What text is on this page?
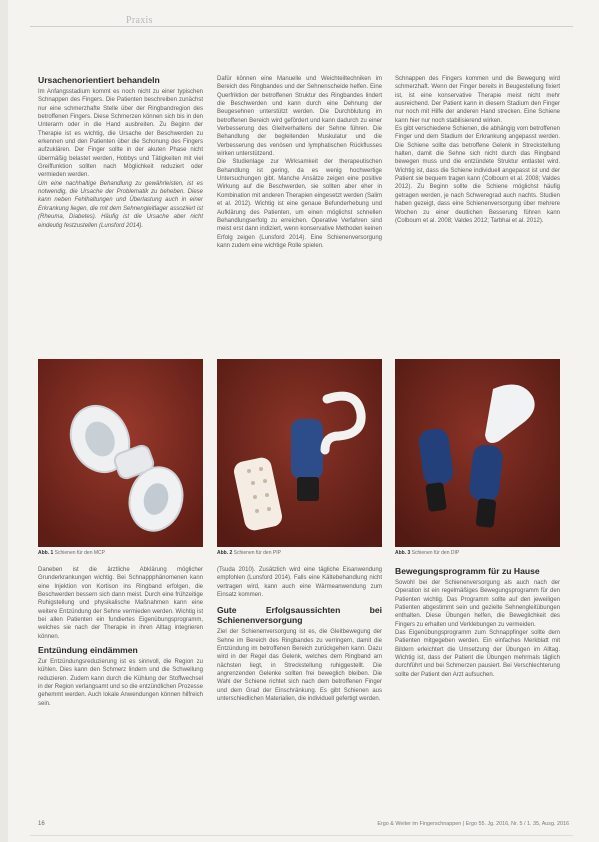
Praxis
Ursachenorientiert behandeln

Im Anfangsstadium kommt es noch nicht zu einer typischen Schnappen des Fingers. Die Patienten beschreiben zunächst nur eine schmerzhafte Stelle über der Ringbandregion des betroffenen Fingers. Diese Schmerzen können sich bis in den Unterarm oder in die Hand ausbreiten. Zu Beginn der Therapie ist es wichtig, die Ursache der Beschwerden zu erkennen und den Patienten über die Schonung des Fingers aufzuklären. Der Finger sollte in der akuten Phase nicht übermäßig belastet werden, Hobbys und Tätigkeiten mit viel Greiffunktion sollten nach Möglichkeit reduziert oder vermieden werden.

Um eine nachhaltige Behandlung zu gewährleisten, ist es notwendig, die Ursache der Problematik zu beheben. Diese kann neben Fehlhaltungen und Überlastung auch in einer Erkrankung liegen, die mit dem Sehnengleitlager assoziiert ist (Rheuma, Diabetes). Häufig ist die Ursache aber nicht eindeutig festzustellen (Lunsford 2014).

Dafür können eine Manuelle und Weichteiltechniken im Bereich des Ringbandes und der Sehnenscheide helfen. Eine Querfriktion der betroffenen Struktur des Ringbandes lindert die Beschwerden und kann durch eine Dehnung der Beugesehnen unterstützt werden. Die Durchblutung im betroffenen Bereich wird gefördert und kann dadurch zu einer Verbesserung des Gleitverhaltens der Sehne führen. Die Behandlung der begleitenden Muskulatur und die Verbesserung des venösen und lymphatischen Rückflusses wirken unterstützend.

Die Studienlage zur Wirksamkeit der therapeutischen Behandlung ist gering, da es wenig hochwertige Untersuchungen gibt. Manche Ansätze zeigen eine positive Wirkung auf die Beschwerden, sie sollten aber eher in Kombination mit anderen Therapien eingesetzt werden (Salim et al. 2012). Wichtig ist eine genaue Befunderhebung und Aufklärung des Patienten, um einen möglichst schnellen Behandlungserfolg zu erreichen. Operative Verfahren sind meist erst dann indiziert, wenn konservative Methoden keinen Erfolg zeigen (Lunsford 2014). Eine Schienenversorgung kann zudem eine wichtige Rolle spielen.

Schnappen des Fingers kommen und die Bewegung wird schmerzhaft. Wenn der Finger bereits in Beugestellung fixiert ist, ist eine konservative Therapie meist nicht mehr ausreichend. Der Patient kann in diesem Stadium den Finger nur noch mit Hilfe der anderen Hand strecken. Eine Schiene kann hier nur noch stabilisierend wirken.

Es gibt verschiedene Schienen, die abhängig vom betroffenen Finger und dem Stadium der Erkrankung angepasst werden. Die Schiene sollte das betroffene Gelenk in Streckstellung halten, damit die Sehne sich nicht durch das Ringband bewegen muss und die entzündete Struktur entlastet wird. Wichtig ist, dass die Schiene individuell angepasst ist und der Patient sie bequem tragen kann (Colbourn et al. 2008; Valdes 2012). Zu Beginn sollte die Schiene möglichst häufig getragen werden, je nach Schweregrad auch nachts. Studien haben gezeigt, dass eine Schienenversorgung über mehrere Wochen zu einer deutlichen Besserung führen kann (Colbourn et al. 2008; Valdes 2012; Tarbhai et al. 2012).

Abb. 1 Schienen für den MCP	Abb. 2 Schienen für den PIP	Abb. 3 Schienen für den DIP

Daneben ist die ärztliche Abklärung möglicher Grunderkrankungen wichtig. Bei Schnappphänomenen kann eine Injektion von Kortison ins Ringband erfolgen, die Beschwerden bessern sich dann meist. Durch eine frühzeitige Ruhigstellung und physikalische Maßnahmen kann eine weitere Entzündung der Sehne vermieden werden. Wichtig ist bei allen Patienten ein fundiertes Eigenübungsprogramm, welches sie nach der Therapie in ihren Alltag integrieren können.

Entzündung eindämmen

Zur Entzündungsreduzierung ist es sinnvoll, die Region zu kühlen. Dies kann den Schmerz lindern und die Schwellung reduzieren. Zudem kann durch die Kühlung der Stoffwechsel in der Region verlangsamt und so die entzündlichen Prozesse gehemmt werden. Auch lokale Anwendungen können hilfreich sein.

(Tsuda 2010). Zusätzlich wird eine tägliche Eisanwendung empfohlen (Lunsford 2014). Falls eine Kältebehandlung nicht vertragen wird, kann auch eine Wärmeanwendung zum Einsatz kommen.

Gute Erfolgsaussichten bei Schienenversorgung

Ziel der Schienenversorgung ist es, die Gleitbewegung der Sehne im Bereich des Ringbandes zu verringern, damit die Entzündung im betroffenen Bereich zurückgehen kann. Dazu wird in der Regel das Gelenk, welches dem Ringband am nächsten liegt, in Streckstellung ruhiggestellt. Die angrenzenden Gelenke sollten frei beweglich bleiben. Die Wahl der Schiene richtet sich nach dem betroffenen Finger und dem Grad der Einschränkung. Es gibt Schienen aus unterschiedlichen Materialien, die individuell gefertigt werden.

Bewegungsprogramm für zu Hause

Sowohl bei der Schienenversorgung als auch nach der Operation ist ein regelmäßiges Bewegungsprogramm für den Patienten wichtig. Das Programm sollte auf den jeweiligen Patienten abgestimmt sein und gezielte Sehnengleitübungen enthalten. Diese Übungen helfen, die Beweglichkeit des Fingers zu erhalten und Verklebungen zu vermeiden.

Das Eigenübungsprogramm zum Schnappfinger sollte dem Patienten mitgegeben werden. Ein einfaches Merkblatt mit Bildern erleichtert die Umsetzung der Übungen im Alltag. Wichtig ist, dass der Patient die Übungen mehrmals täglich durchführt und bei Schmerzen pausiert. Bei Verschlechterung sollte der Patient den Arzt aufsuchen.

16	Ergo & Weiter im Fingerschnappen | Ergo 55. Jg. 2016, Nr. 5 / 1. 35, Ausg. 2016
